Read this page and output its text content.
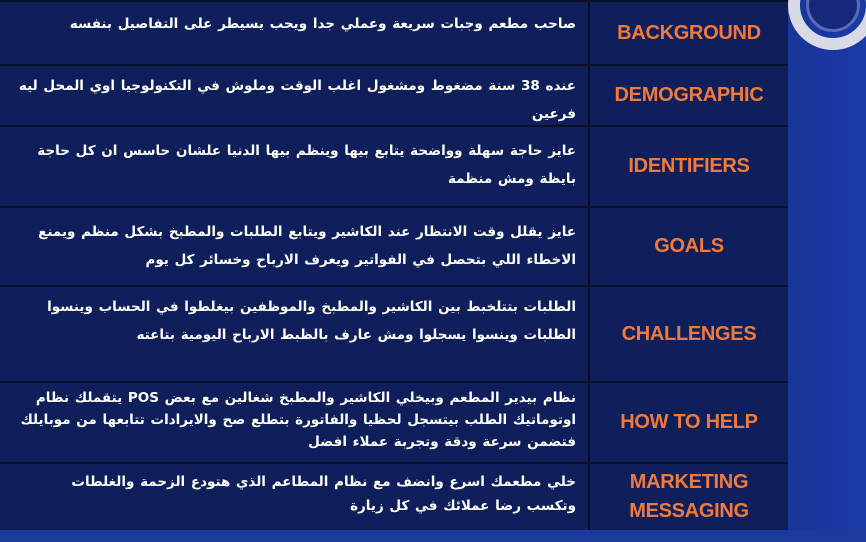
صاحب مطعم وجبات سريعة وعملي جدا ويحب يسيطر على التفاصيل بنفسه	BACKGROUND
عنده 38 سنة مضغوط ومشغول اغلب الوقت وملوش في التكنولوجيا اوي المحل ليه فرعين
DEMOGRAPHIC
عايز حاجة سهلة وواضحة يتابع بيها وينظم بيها الدنيا علشان حاسس ان كل حاجة بايظة ومش منظمة
IDENTIFIERS
عايز يقلل وقت الانتظار عند الكاشير ويتابع الطلبات والمطبخ بشكل منظم ويمنع الاخطاء اللي بتحصل في الفواتير ويعرف الارباح وخسائر كل يوم
GOALS
الطلبات بتتلخبط بين الكاشير والمطبخ والموظفين بيغلطوا في الحساب وينسوا الطلبات وينسوا يسجلوا ومش عارف بالظبط الارباح اليومية بتاعته	CHALLENGES
نظام بيدير المطعم وبيخلي الكاشير والمطبخ شغالين مع بعض POS يتقملك نظام اوتوماتيك الطلب بيتسجل لحظيا والفاتورة بتطلع صح والايرادات تتابعها من موبايلك فتضمن سرعة ودقة وتجربة عملاء افضل
HOW TO HELP
خلي مطعمك اسرع وانضف مع نظام المطاعم الذي هتودع الزحمة والغلطات وتكسب رضا عملائك في كل زيارة
MARKETING MESSAGING
